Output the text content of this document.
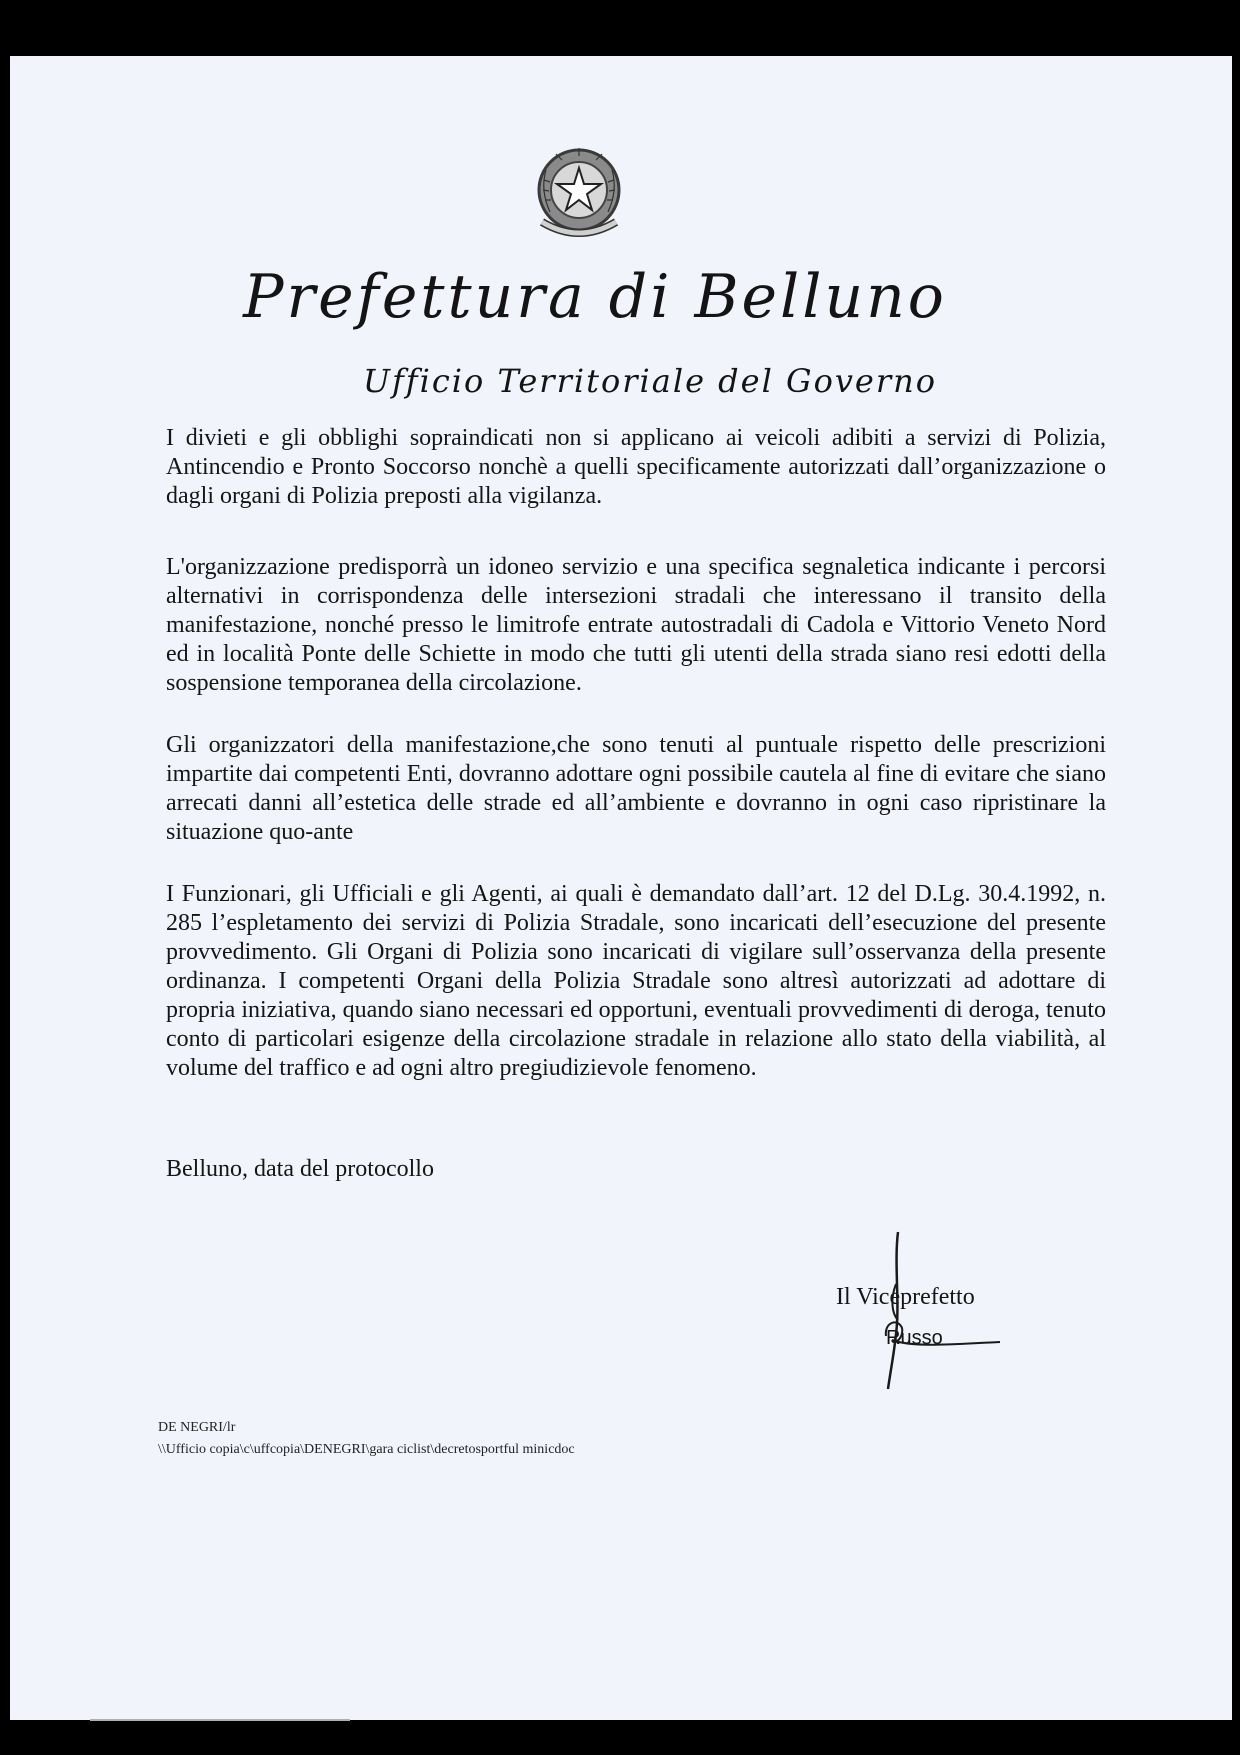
Prefettura di Belluno
Ufficio Territoriale del Governo

I divieti e gli obblighi sopraindicati non si applicano ai veicoli adibiti a servizi di Polizia, Antincendio e Pronto Soccorso nonchè a quelli specificamente autorizzati dall’organizzazione o dagli organi di Polizia preposti alla vigilanza.

L'organizzazione predisporrà un idoneo servizio e una specifica segnaletica indicante i percorsi alternativi in corrispondenza delle intersezioni stradali che interessano il transito della manifestazione, nonché presso le limitrofe entrate autostradali di Cadola e Vittorio Veneto Nord ed in località Ponte delle Schiette in modo che tutti gli utenti della strada siano resi edotti della sospensione temporanea della circolazione.

Gli organizzatori della manifestazione,che sono tenuti al puntuale rispetto delle prescrizioni impartite dai competenti Enti, dovranno adottare ogni possibile cautela al fine di evitare che siano arrecati danni all’estetica delle strade ed all’ambiente e dovranno in ogni caso ripristinare la situazione quo-ante

I Funzionari, gli Ufficiali e gli Agenti, ai quali è demandato dall’art. 12 del D.Lg. 30.4.1992, n. 285 l’espletamento dei servizi di Polizia Stradale, sono incaricati dell’esecuzione del presente provvedimento. Gli Organi di Polizia sono incaricati di vigilare sull’osservanza della presente ordinanza. I competenti Organi della Polizia Stradale sono altresì autorizzati ad adottare di propria iniziativa, quando siano necessari ed opportuni, eventuali provvedimenti di deroga, tenuto conto di particolari esigenze della circolazione stradale in relazione allo stato della viabilità, al volume del traffico e ad ogni altro pregiudizievole fenomeno.

Belluno, data del protocollo
Il Viceprefetto
Russo
DE NEGRI/lr
\\Ufficio copia\c\uffcopia\DENEGRI\gara ciclist\decretosportful minicdoc
